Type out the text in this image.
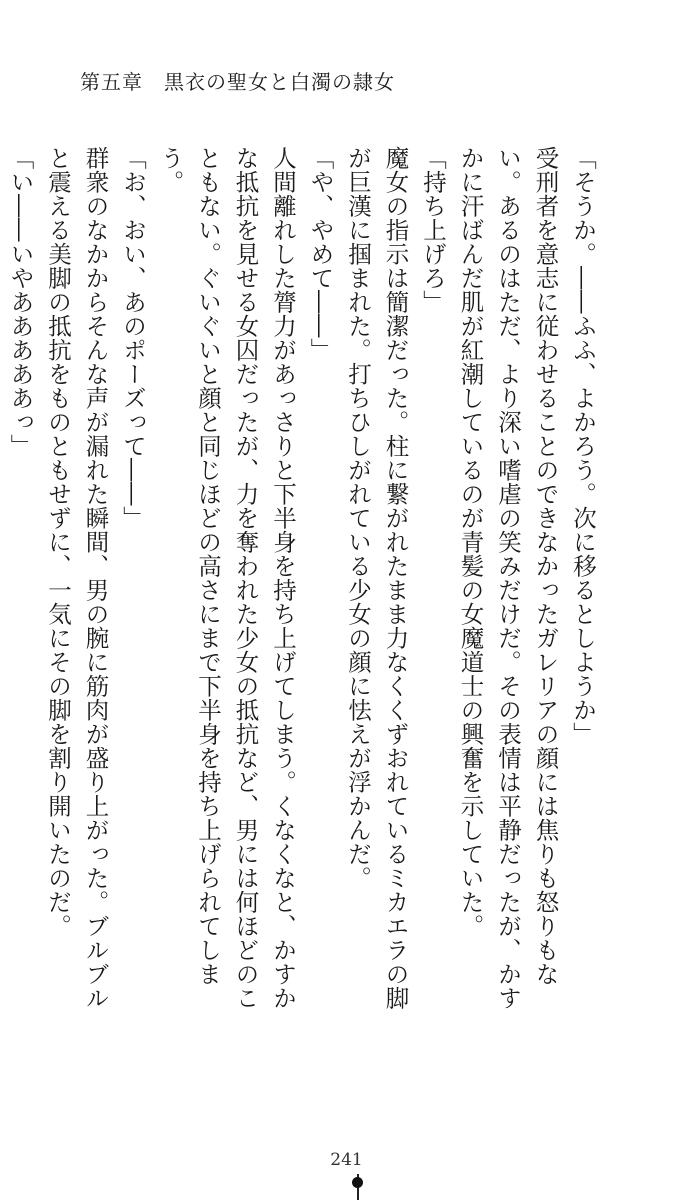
第五章　黒衣の聖女と白濁の隷女

「そうか。――ふふ、よかろう。次に移るとしようか」

受刑者を意志に従わせることのできなかったガレリアの顔には焦りも怒りもない。あるのはただ、より深い嗜虐の笑みだけだ。その表情は平静だったが、かすかに汗ばんだ肌が紅潮しているのが青髪の女魔道士の興奮を示していた。

「持ち上げろ」

魔女の指示は簡潔だった。柱に繋がれたまま力なくくずおれているミカエラの脚が巨漢に掴まれた。打ちひしがれている少女の顔に怯えが浮かんだ。

「や、やめて――」

人間離れした膂力があっさりと下半身を持ち上げてしまう。くなくなと、かすかな抵抗を見せる女囚だったが、力を奪われた少女の抵抗など、男には何ほどのこともない。ぐいぐいと顔と同じほどの高さにまで下半身を持ち上げられてしまう。

「お、おい、あのポーズって――」

群衆のなかからそんな声が漏れた瞬間、男の腕に筋肉が盛り上がった。ブルブルと震える美脚の抵抗をものともせずに、一気にその脚を割り開いたのだ。

「い――いやあああああっ」

241
